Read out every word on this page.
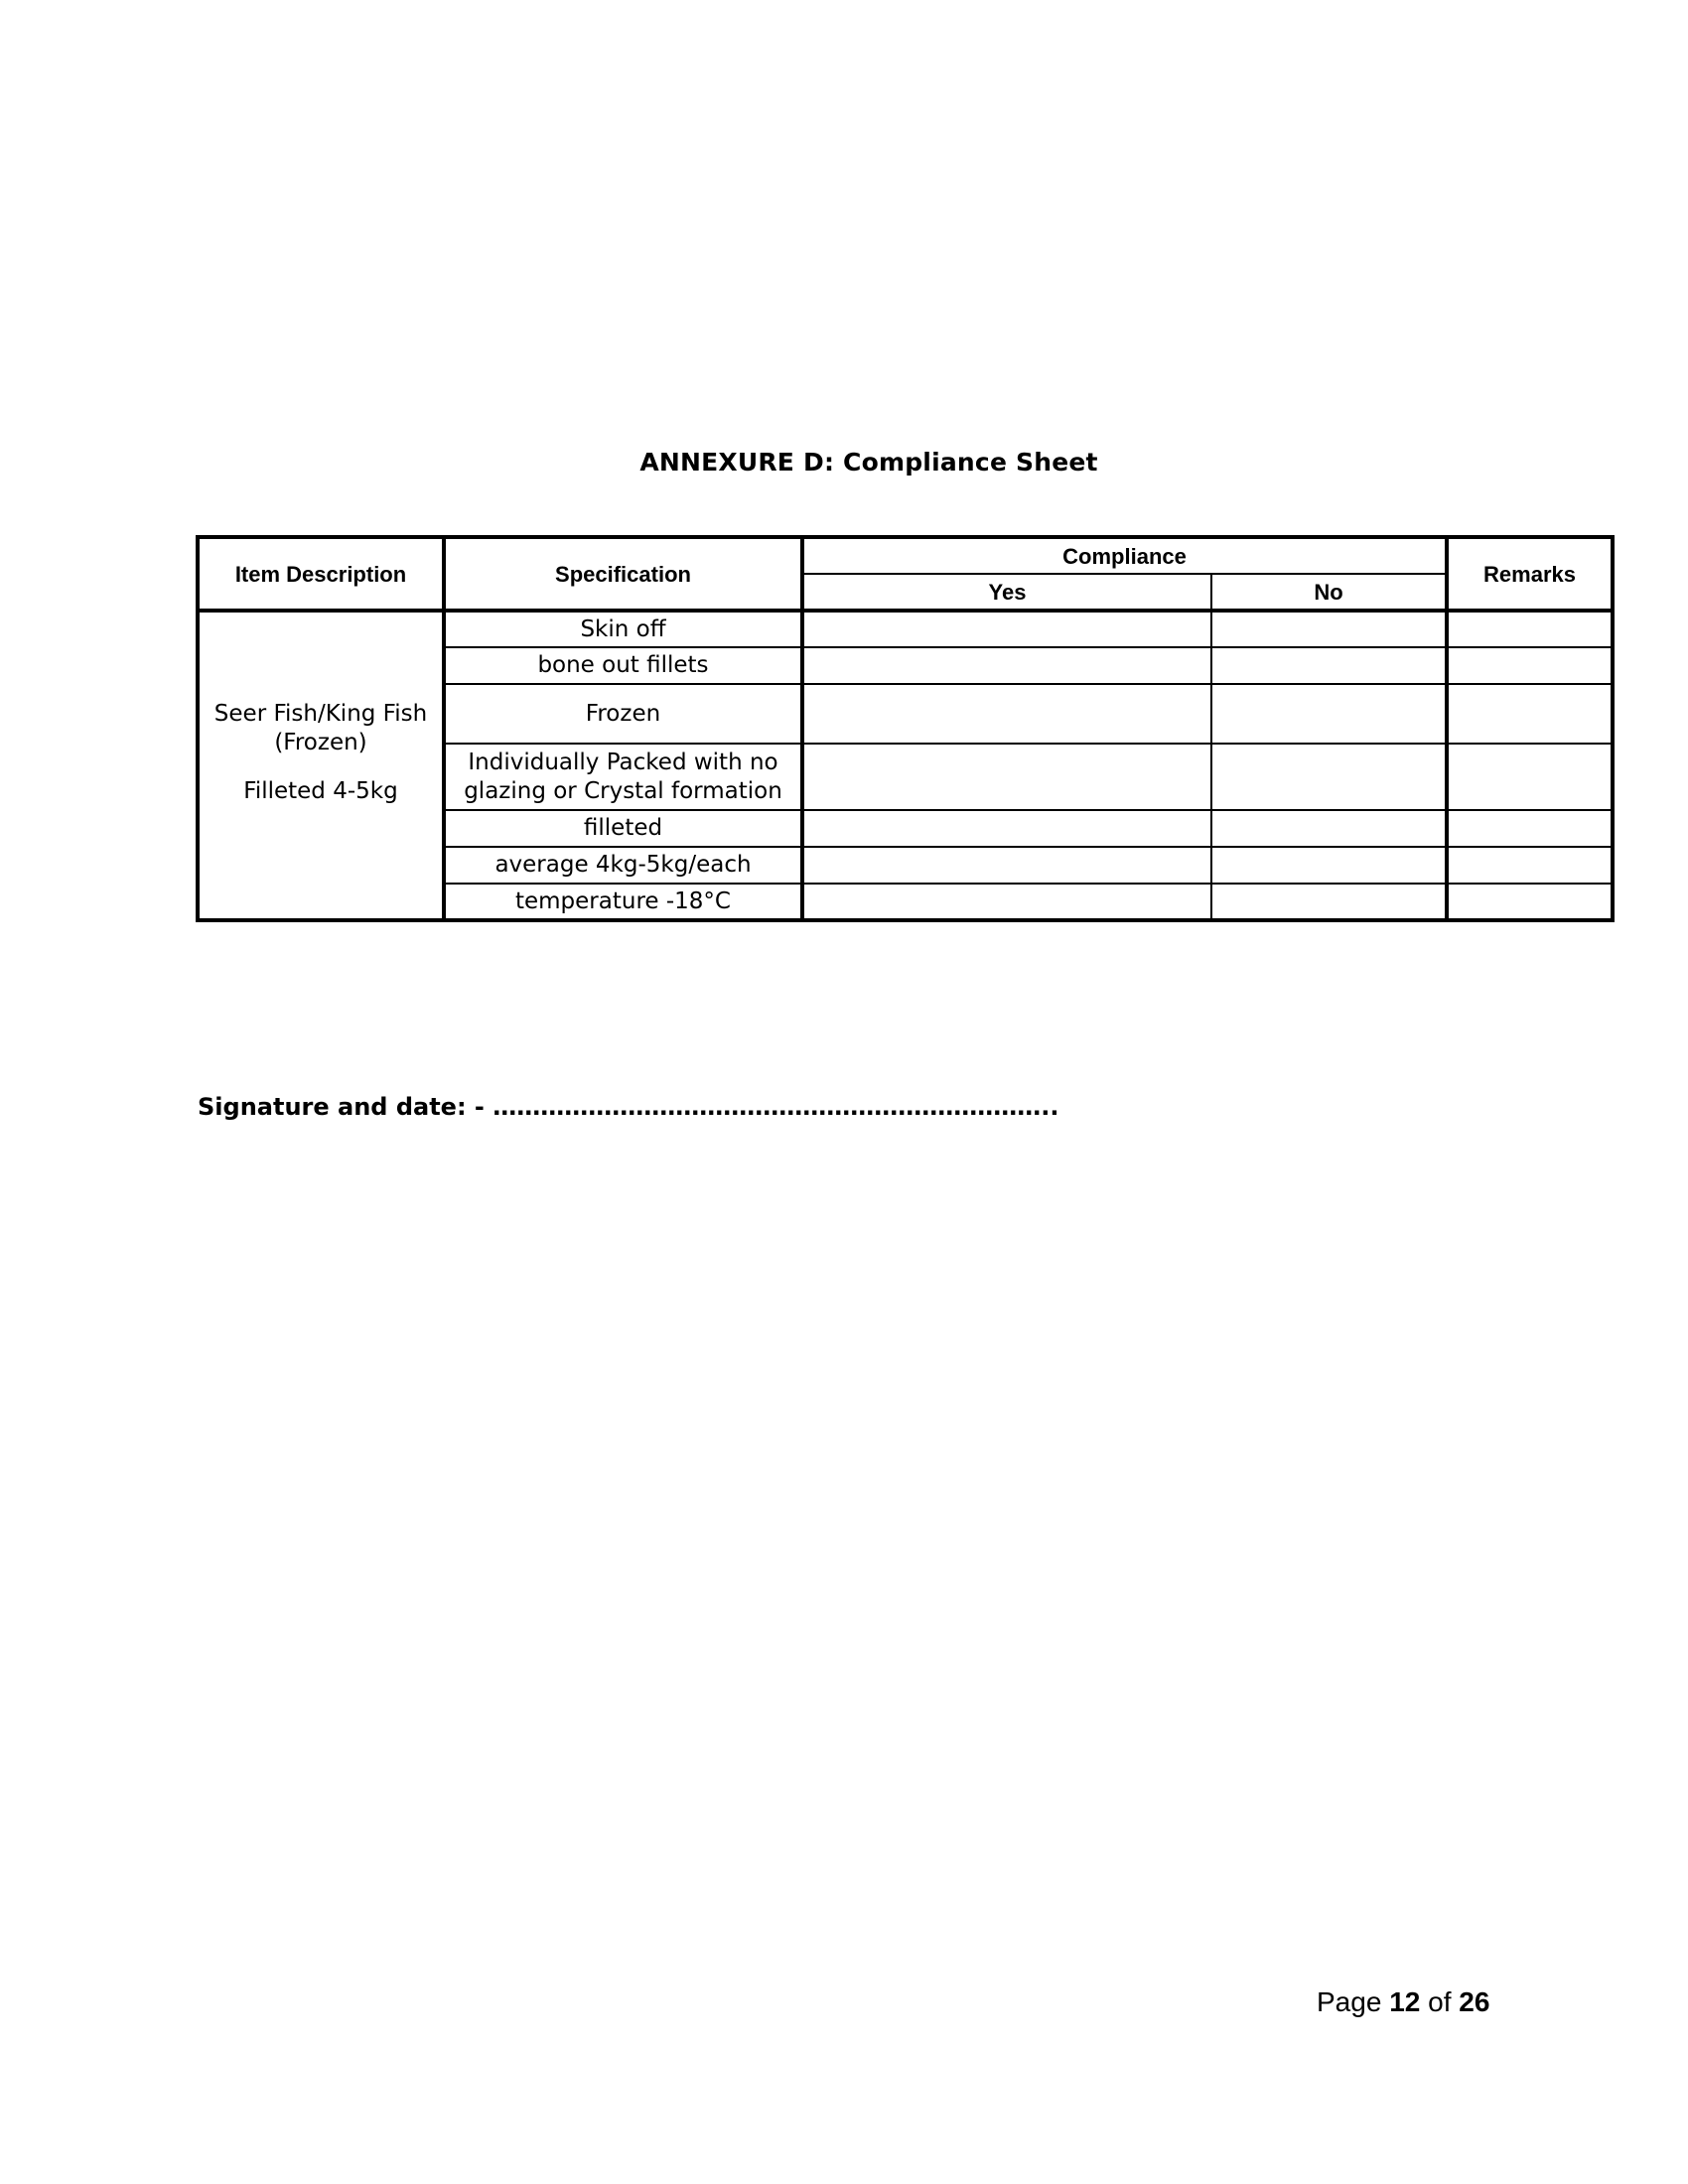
ANNEXURE D: Compliance Sheet
Item Description	Specification	Compliance		Remarks
		Yes	No	

Seer Fish/King Fish

(Frozen)

Filleted 4-5kg	Skin off			
	bone out fillets			
	Frozen			
	Individually Packed with no glazing or Crystal formation			
	filleted			
	average 4kg-5kg/each			
	temperature -18°C			
Signature and date: - ……………………………………………………………..
Page 12 of 26
